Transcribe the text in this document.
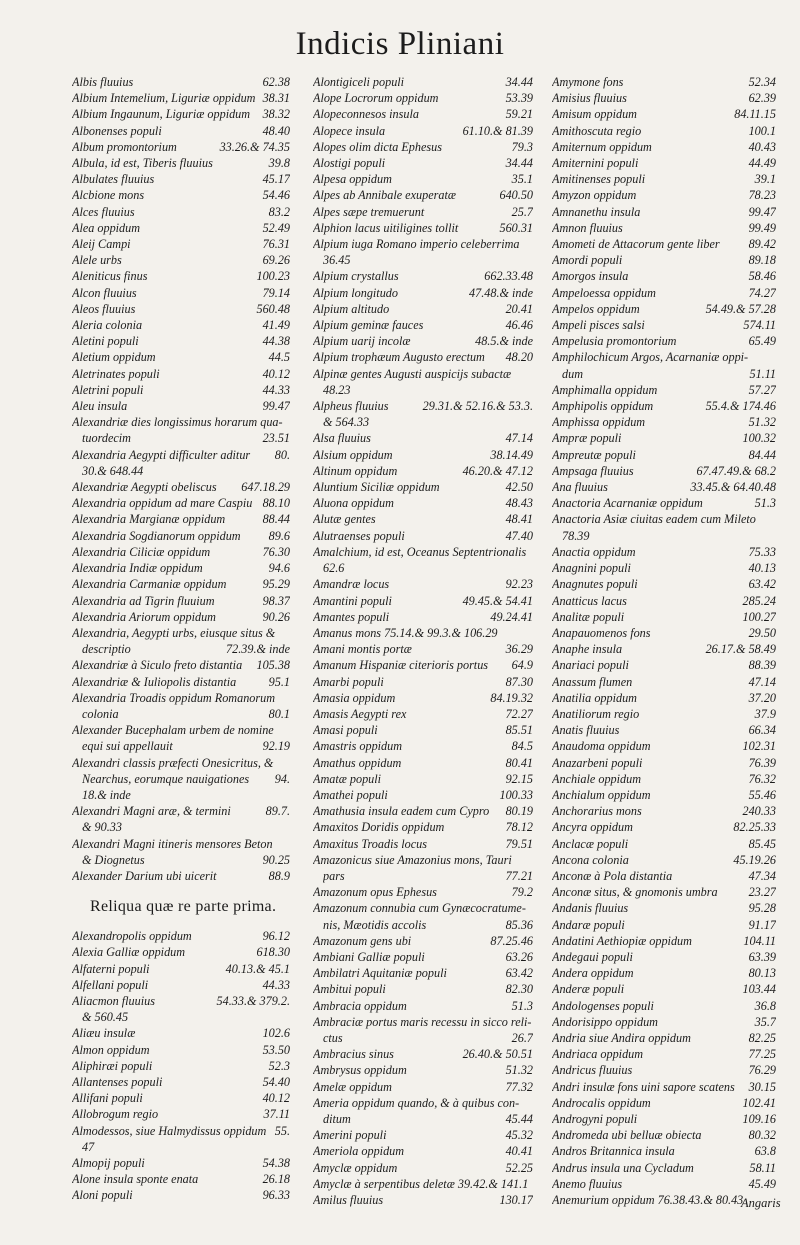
Indicis Pliniani
Albis fluuius	62.38
Albium Intemelium, Liguriæ oppidum 38.31
Albium Ingaunum, Liguriæ oppidum	38.32
Albonenses populi	48.40
Album promontorium	33.26.& 74.35
Albula, id est, Tiberis fluuius	39.8
Albulates fluuius	45.17
Alcbione mons	54.46
Alces fluuius	83.2
Alea oppidum	52.49
Aleij Campi	76.31
Alele urbs	69.26
Aleniticus finus	100.23
Alcon fluuius	79.14
Aleos fluuius	560.48
Aleria colonia	41.49
Aletini populi	44.38
Aletium oppidum	44.5
Aletrinates populi	40.12
Aletrini populi	44.33
Aleu insula	99.47
Alexandriæ dies longissimus horarum qua-
tuordecim	23.51
Alexandria Aegypti difficulter aditur	80.
30.& 648.44
Alexandriæ Aegypti obeliscus	647.18.29
Alexandria oppidum ad mare Caspiu 88.10
Alexandria Margianæ oppidum	88.44
Alexandria Sogdianorum oppidum	89.6
Alexandria Ciliciæ oppidum	76.30
Alexandria Indiæ oppidum	94.6
Alexandria Carmaniæ oppidum	95.29
Alexandria ad Tigrin fluuium	98.37
Alexandria Ariorum oppidum	90.26
Alexandria, Aegypti urbs, eiusque situs &
descriptio	72.39.& inde
Alexandriæ à Siculo freto distantia	105.38
Alexandriæ & Iuliopolis distantia	95.1
Alexandria Troadis oppidum Romanorum
colonia	80.1
Alexander Bucephalam urbem de nomine
equi sui appellauit	92.19
Alexandri classis præfecti Onesicritus, &
Nearchus, eorumque nauigationes	94.
18.& inde
Alexandri Magni aræ, & termini	89.7.
& 90.33
Alexandri Magni itineris mensores Beton
& Diognetus	90.25
Alexander Darium ubi uicerit	88.9
Reliqua quæ re parte prima.
Alexandropolis oppidum	96.12
Alexia Galliæ oppidum	618.30
Alfaterni populi	40.13.& 45.1
Alfellani populi	44.33
Aliacmon fluuius	54.33.& 379.2.
& 560.45
Aliæu insulæ	102.6
Almon oppidum	53.50
Aliphiræi populi	52.3
Allantenses populi	54.40
Allifani populi	40.12
Allobrogum regio	37.11
Almodessos, siue Halmydissus oppidum 55.
47
Almopij populi	54.38
Alone insula sponte enata	26.18
Aloni populi	96.33
Alontigiceli populi	34.44
Alope Locrorum oppidum	53.39
Alopeconnesos insula	59.21
Alopece insula	61.10.& 81.39
Alopes olim dicta Ephesus	79.3
Alostigi populi	34.44
Alpesa oppidum	35.1
Alpes ab Annibale exuperatæ	640.50
Alpes sæpe tremuerunt	25.7
Alphion lacus uitiligines tollit	560.31
Alpium iuga Romano imperio celeberrima
36.45
Alpium crystallus	662.33.48
Alpium longitudo	47.48.& inde
Alpium altitudo	20.41
Alpium geminæ fauces	46.46
Alpium uarij incolæ	48.5.& inde
Alpium trophæum Augusto erectum	48.20
Alpinæ gentes Augusti auspicijs subactæ
48.23
Alpheus fluuius	29.31.& 52.16.& 53.3.
& 564.33
Alsa fluuius	47.14
Alsium oppidum	38.14.49
Altinum oppidum	46.20.& 47.12
Aluntium Siciliæ oppidum	42.50
Aluona oppidum	48.43
Alutæ gentes	48.41
Alutraenses populi	47.40
Amalchium, id est, Oceanus Septentrionalis
62.6
Amandræ locus	92.23
Amantini populi	49.45.& 54.41
Amantes populi	49.24.41
Amanus mons 75.14.& 99.3.& 106.29
Amani montis portæ	36.29
Amanum Hispaniæ citerioris portus	64.9
Amarbi populi	87.30
Amasia oppidum	84.19.32
Amasis Aegypti rex	72.27
Amasi populi	85.51
Amastris oppidum	84.5
Amathus oppidum	80.41
Amatæ populi	92.15
Amathei populi	100.33
Amathusia insula eadem cum Cypro	80.19
Amaxitos Doridis oppidum	78.12
Amaxitus Troadis locus	79.51
Amazonicus siue Amazonius mons, Tauri
pars	77.21
Amazonum opus Ephesus	79.2
Amazonum connubia cum Gynæcocratume-
nis, Mæotidis accolis	85.36
Amazonum gens ubi	87.25.46
Ambiani Galliæ populi	63.26
Ambilatri Aquitaniæ populi	63.42
Ambitui populi	82.30
Ambracia oppidum	51.3
Ambraciæ portus maris recessu in sicco reli-
ctus	26.7
Ambracius sinus	26.40.& 50.51
Ambrysus oppidum	51.32
Amelæ oppidum	77.32
Ameria oppidum quando, & à quibus con-
ditum	45.44
Amerini populi	45.32
Ameriola oppidum	40.41
Amyclæ oppidum	52.25
Amyclæ à serpentibus deletæ 39.42.& 141.1
Amilus fluuius	130.17
Amymone fons	52.34
Amisius fluuius	62.39
Amisum oppidum	84.11.15
Amithoscuta regio	100.1
Amiternum oppidum	40.43
Amiternini populi	44.49
Amitinenses populi	39.1
Amyzon oppidum	78.23
Amnanethu insula	99.47
Amnon fluuius	99.49
Amometi de Attacorum gente liber	89.42
Amordi populi	89.18
Amorgos insula	58.46
Ampeloessa oppidum	74.27
Ampelos oppidum	54.49.& 57.28
Ampeli pisces salsi	574.11
Ampelusia promontorium	65.49
Amphilochicum Argos, Acarnaniæ oppi-
dum	51.11
Amphimalla oppidum	57.27
Amphipolis oppidum	55.4.& 174.46
Amphissa oppidum	51.32
Ampræ populi	100.32
Ampreutæ populi	84.44
Ampsaga fluuius	67.47.49.& 68.2
Ana fluuius	33.45.& 64.40.48
Anactoria Acarnaniæ oppidum	51.3
Anactoria Asiæ ciuitas eadem cum Mileto
78.39
Anactia oppidum	75.33
Anagnini populi	40.13
Anagnutes populi	63.42
Anatticus lacus	285.24
Analitæ populi	100.27
Anapauomenos fons	29.50
Anaphe insula	26.17.& 58.49
Anariaci populi	88.39
Anassum flumen	47.14
Anatilia oppidum	37.20
Anatiliorum regio	37.9
Anatis fluuius	66.34
Anaudoma oppidum	102.31
Anazarbeni populi	76.39
Anchiale oppidum	76.32
Anchialum oppidum	55.46
Anchorarius mons	240.33
Ancyra oppidum	82.25.33
Anclacæ populi	85.45
Ancona colonia	45.19.26
Anconæ à Pola distantia	47.34
Anconæ situs, & gnomonis umbra	23.27
Andanis fluuius	95.28
Andaræ populi	91.17
Andatini Aethiopiæ oppidum	104.11
Andegaui populi	63.39
Andera oppidum	80.13
Anderæ populi	103.44
Andologenses populi	36.8
Andorisippo oppidum	35.7
Andria siue Andira oppidum	82.25
Andriaca oppidum	77.25
Andricus fluuius	76.29
Andri insulæ fons uini sapore scatens	30.15
Androcalis oppidum	102.41
Androgyni populi	109.16
Andromeda ubi belluæ obiecta	80.32
Andros Britannica insula	63.8
Andrus insula una Cycladum	58.11
Anemo fluuius	45.49
Anemurium oppidum 76.38.43.& 80.43
Angaris
